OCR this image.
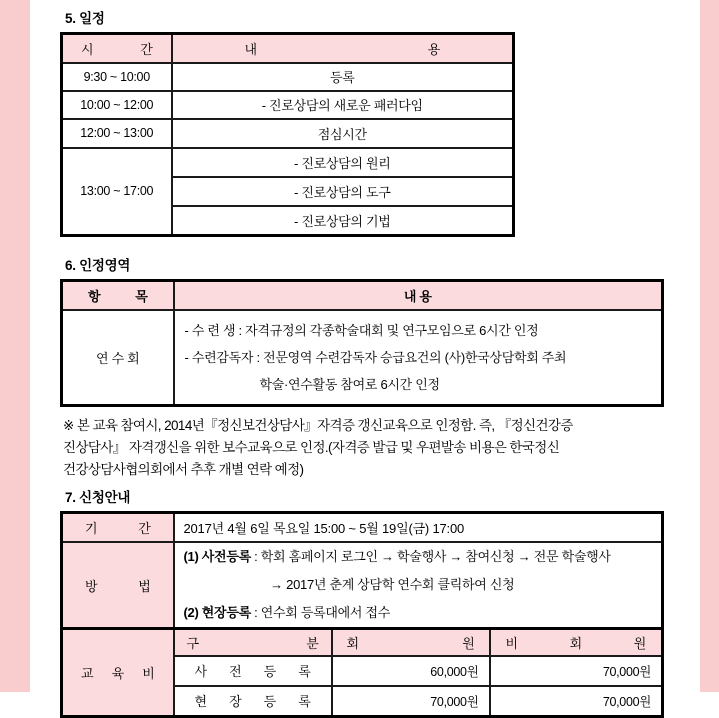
5. 일정
시 간	내 용
9:30 ~ 10:00	등록
10:00 ~ 12:00	- 진로상담의 새로운 패러다임
12:00 ~ 13:00	점심시간
13:00 ~ 17:00	- 진로상담의 원리
	- 진로상담의 도구
	- 진로상담의 기법
6. 인정영역
항 목	내 용
연 수 회	- 수 련 생 : 자격규정의 각종학술대회 및 연구모임으로 6시간 인정
- 수련감독자 : 전문영역 수련감독자 승급요건의 (사)한국상담학회 주최
학술·연수활동 참여로 6시간 인정
※ 본 교육 참여시, 2014년『정신보건상담사』자격증 갱신교육으로 인정함. 즉, 『정신건강증
진상담사』 자격갱신을 위한 보수교육으로 인정.(자격증 발급 및 우편발송 비용은 한국정신
건강상담사협의회에서 추후 개별 연락 예정)
7. 신청안내
기 간	2017년 4월 6일 목요일 15:00 ~ 5월 19일(금) 17:00		
방 법	(1) 사전등록 : 학회 홈페이지 로그인 → 학술행사 → 참여신청 → 전문 학술행사
→ 2017년 춘계 상담학 연수회 클릭하여 신청
(2) 현장등록 : 연수회 등록대에서 접수		

교 육 비	구 분	회 원	비 회 원
	사 전 등 록	60,000원	70,000원
	현 장 등 록	70,000원	70,000원
